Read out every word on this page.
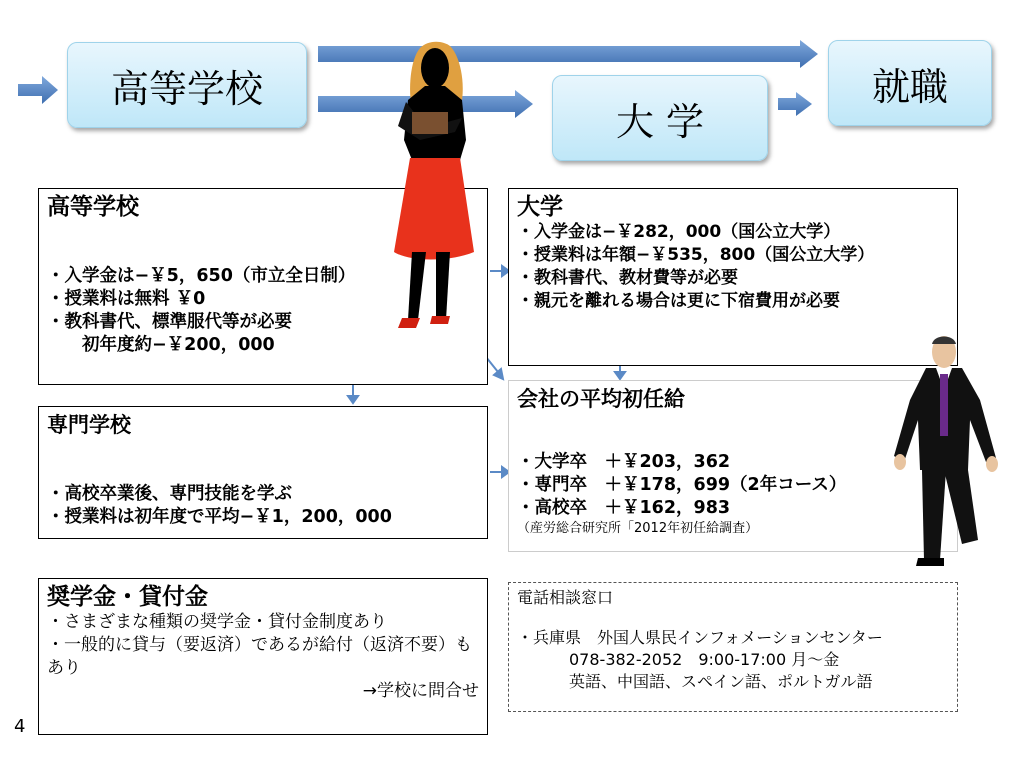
高等学校
大 学
就職
高等学校
・入学金は−￥5，650（市立全日制）
・授業料は無料 ￥0
・教科書代、標準服代等が必要
　　初年度約−￥200，000
専門学校
・高校卒業後、専門技能を学ぶ
・授業料は初年度で平均−￥1，200，000
奨学金・貸付金
・さまざまな種類の奨学金・貸付金制度あり
・一般的に貸与（要返済）であるが給付（返済不要）もあり
→学校に問合せ
大学
・入学金は−￥282，000（国公立大学）
・授業料は年額−￥535，800（国公立大学）
・教科書代、教材費等が必要
・親元を離れる場合は更に下宿費用が必要
会社の平均初任給
・大学卒　＋￥203，362
・専門卒　＋￥178，699（2年コース）
・高校卒　＋￥162，983
（産労総合研究所「2012年初任給調査）
電話相談窓口
・兵庫県　外国人県民インフォメーションセンター
078-382-2052　9:00-17:00 月～金
英語、中国語、スペイン語、ポルトガル語
4
